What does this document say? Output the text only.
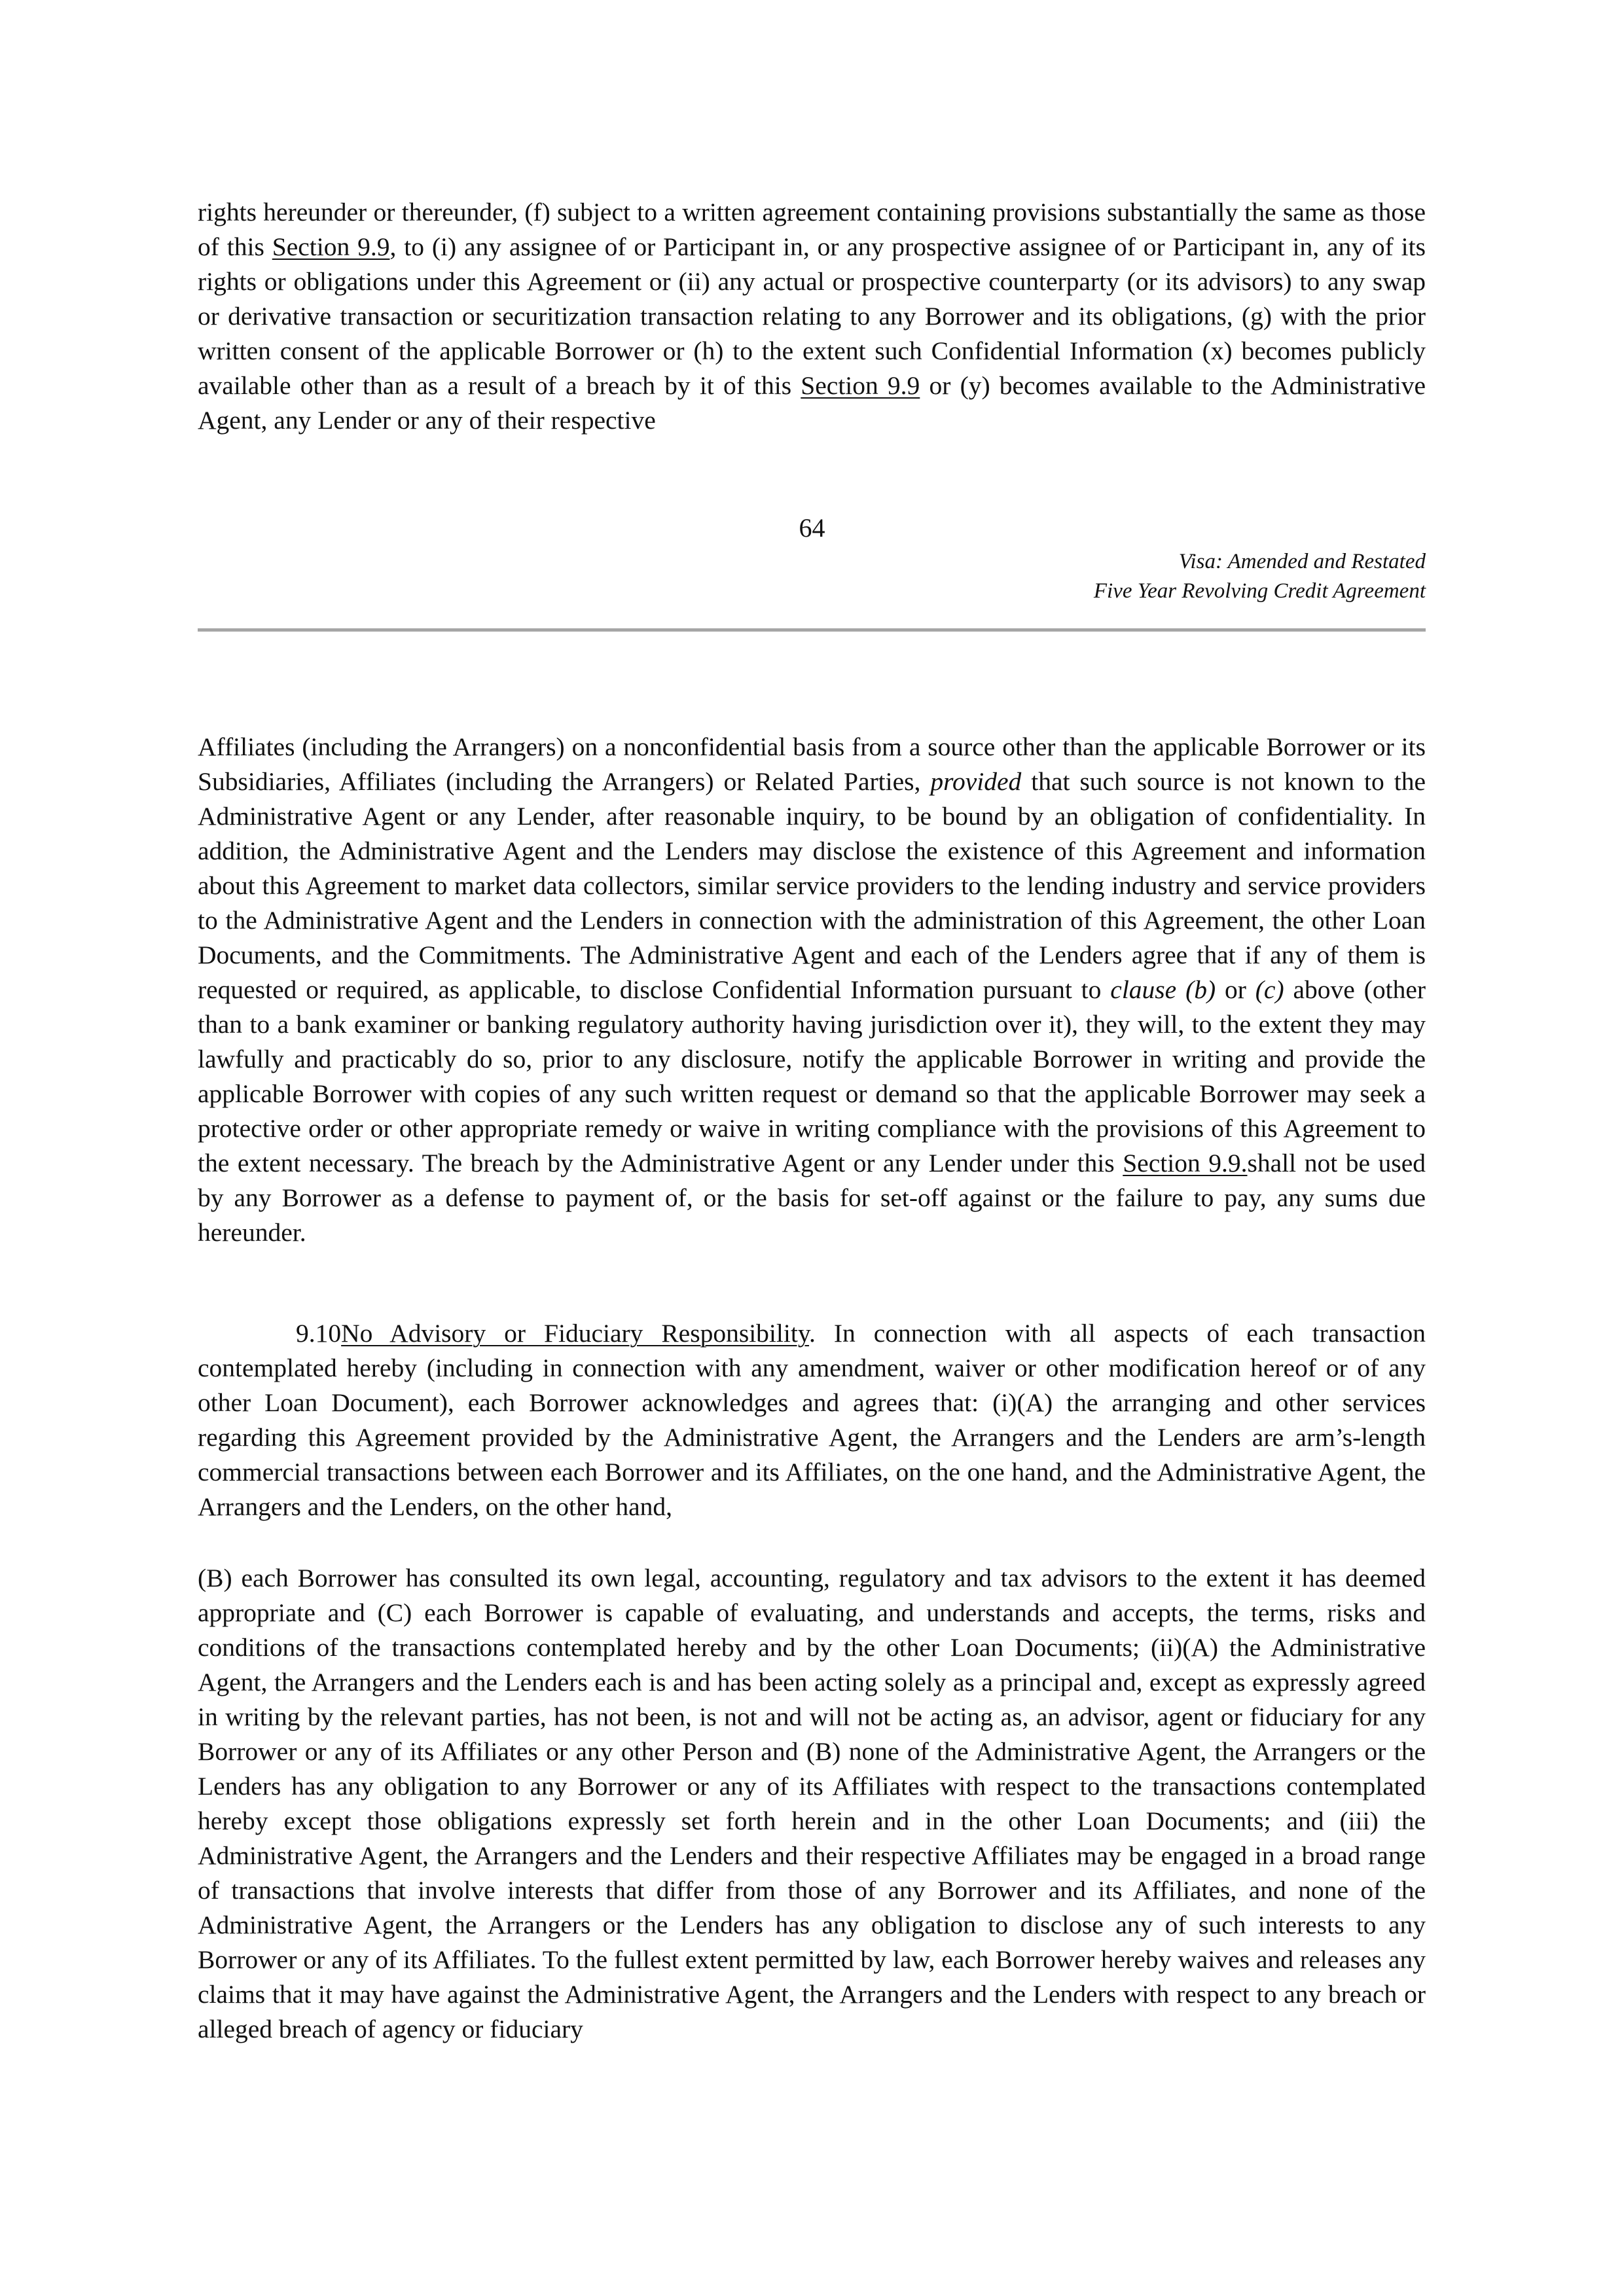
rights hereunder or thereunder, (f) subject to a written agreement containing provisions substantially the same as those of this Section 9.9, to (i) any assignee of or Participant in, or any prospective assignee of or Participant in, any of its rights or obligations under this Agreement or (ii) any actual or prospective counterparty (or its advisors) to any swap or derivative transaction or securitization transaction relating to any Borrower and its obligations, (g) with the prior written consent of the applicable Borrower or (h) to the extent such Confidential Information (x) becomes publicly available other than as a result of a breach by it of this Section 9.9 or (y) becomes available to the Administrative Agent, any Lender or any of their respective

64
Visa: Amended and Restated
Five Year Revolving Credit Agreement

Affiliates (including the Arrangers) on a nonconfidential basis from a source other than the applicable Borrower or its Subsidiaries, Affiliates (including the Arrangers) or Related Parties, provided that such source is not known to the Administrative Agent or any Lender, after reasonable inquiry, to be bound by an obligation of confidentiality. In addition, the Administrative Agent and the Lenders may disclose the existence of this Agreement and information about this Agreement to market data collectors, similar service providers to the lending industry and service providers to the Administrative Agent and the Lenders in connection with the administration of this Agreement, the other Loan Documents, and the Commitments. The Administrative Agent and each of the Lenders agree that if any of them is requested or required, as applicable, to disclose Confidential Information pursuant to clause (b) or (c) above (other than to a bank examiner or banking regulatory authority having jurisdiction over it), they will, to the extent they may lawfully and practicably do so, prior to any disclosure, notify the applicable Borrower in writing and provide the applicable Borrower with copies of any such written request or demand so that the applicable Borrower may seek a protective order or other appropriate remedy or waive in writing compliance with the provisions of this Agreement to the extent necessary. The breach by the Administrative Agent or any Lender under this Section 9.9.shall not be used by any Borrower as a defense to payment of, or the basis for set-off against or the failure to pay, any sums due hereunder.

9.10No Advisory or Fiduciary Responsibility. In connection with all aspects of each transaction contemplated hereby (including in connection with any amendment, waiver or other modification hereof or of any other Loan Document), each Borrower acknowledges and agrees that: (i)(A) the arranging and other services regarding this Agreement provided by the Administrative Agent, the Arrangers and the Lenders are arm’s-length commercial transactions between each Borrower and its Affiliates, on the one hand, and the Administrative Agent, the Arrangers and the Lenders, on the other hand,

(B) each Borrower has consulted its own legal, accounting, regulatory and tax advisors to the extent it has deemed appropriate and (C) each Borrower is capable of evaluating, and understands and accepts, the terms, risks and conditions of the transactions contemplated hereby and by the other Loan Documents; (ii)(A) the Administrative Agent, the Arrangers and the Lenders each is and has been acting solely as a principal and, except as expressly agreed in writing by the relevant parties, has not been, is not and will not be acting as, an advisor, agent or fiduciary for any Borrower or any of its Affiliates or any other Person and (B) none of the Administrative Agent, the Arrangers or the Lenders has any obligation to any Borrower or any of its Affiliates with respect to the transactions contemplated hereby except those obligations expressly set forth herein and in the other Loan Documents; and (iii) the Administrative Agent, the Arrangers and the Lenders and their respective Affiliates may be engaged in a broad range of transactions that involve interests that differ from those of any Borrower and its Affiliates, and none of the Administrative Agent, the Arrangers or the Lenders has any obligation to disclose any of such interests to any Borrower or any of its Affiliates. To the fullest extent permitted by law, each Borrower hereby waives and releases any claims that it may have against the Administrative Agent, the Arrangers and the Lenders with respect to any breach or alleged breach of agency or fiduciary
